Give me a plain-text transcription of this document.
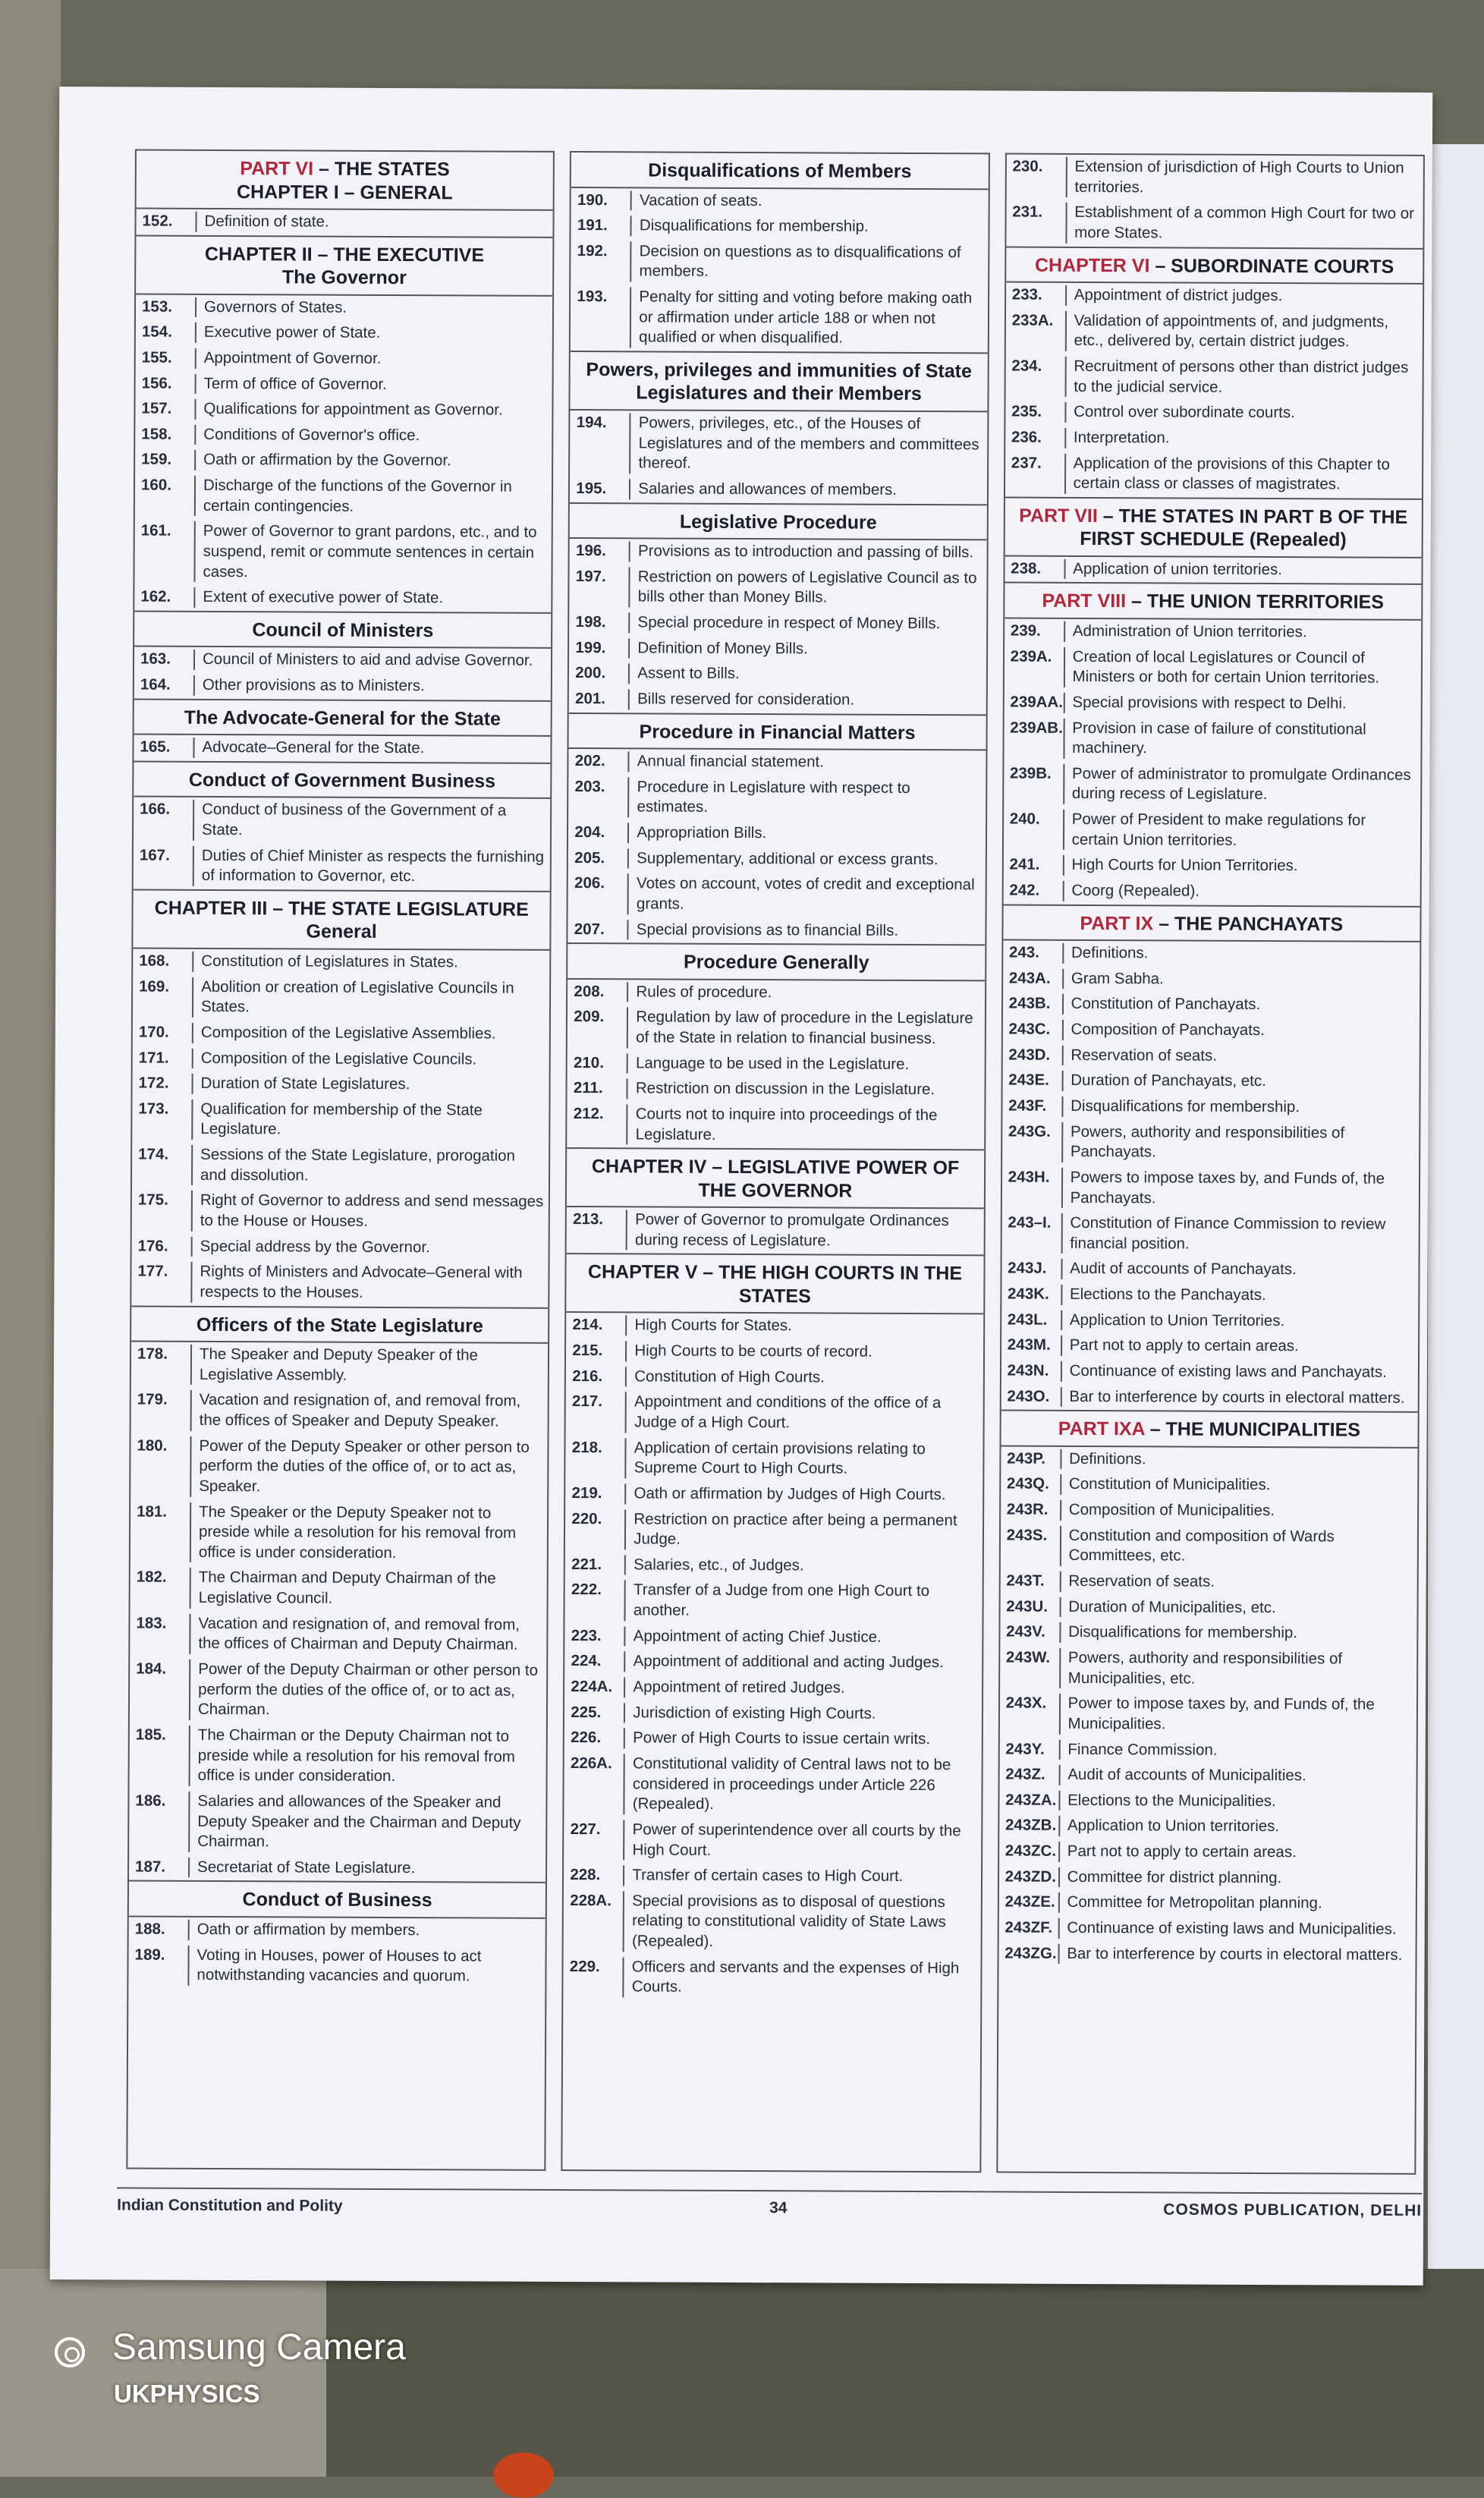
PART VI – THE STATES
CHAPTER I – GENERAL
152.	Definition of state.
CHAPTER II – THE EXECUTIVE
The Governor
153.	Governors of States.
154.	Executive power of State.
155.	Appointment of Governor.
156.	Term of office of Governor.
157.	Qualifications for appointment as Governor.
158.	Conditions of Governor's office.
159.	Oath or affirmation by the Governor.
160.	Discharge of the functions of the Governor in certain contingencies.
161.	Power of Governor to grant pardons, etc., and to suspend, remit or commute sentences in certain cases.
162.	Extent of executive power of State.
Council of Ministers
163.	Council of Ministers to aid and advise Governor.
164.	Other provisions as to Ministers.
The Advocate-General for the State
165.	Advocate–General for the State.
Conduct of Government Business
166.	Conduct of business of the Government of a State.
167.	Duties of Chief Minister as respects the furnishing of information to Governor, etc.
CHAPTER III – THE STATE LEGISLATURE
General
168.	Constitution of Legislatures in States.
169.	Abolition or creation of Legislative Councils in States.
170.	Composition of the Legislative Assemblies.
171.	Composition of the Legislative Councils.
172.	Duration of State Legislatures.
173.	Qualification for membership of the State Legislature.
174.	Sessions of the State Legislature, prorogation and dissolution.
175.	Right of Governor to address and send messages to the House or Houses.
176.	Special address by the Governor.
177.	Rights of Ministers and Advocate–General with respects to the Houses.
Officers of the State Legislature
178.	The Speaker and Deputy Speaker of the Legislative Assembly.
179.	Vacation and resignation of, and removal from, the offices of Speaker and Deputy Speaker.
180.	Power of the Deputy Speaker or other person to perform the duties of the office of, or to act as, Speaker.
181.	The Speaker or the Deputy Speaker not to preside while a resolution for his removal from office is under consideration.
182.	The Chairman and Deputy Chairman of the Legislative Council.
183.	Vacation and resignation of, and removal from, the offices of Chairman and Deputy Chairman.
184.	Power of the Deputy Chairman or other person to perform the duties of the office of, or to act as, Chairman.
185.	The Chairman or the Deputy Chairman not to preside while a resolution for his removal from office is under consideration.
186.	Salaries and allowances of the Speaker and Deputy Speaker and the Chairman and Deputy Chairman.
187.	Secretariat of State Legislature.
Conduct of Business
188.	Oath or affirmation by members.
189.	Voting in Houses, power of Houses to act notwithstanding vacancies and quorum.
Disqualifications of Members
190.	Vacation of seats.
191.	Disqualifications for membership.
192.	Decision on questions as to disqualifications of members.
193.	Penalty for sitting and voting before making oath or affirmation under article 188 or when not qualified or when disqualified.
Powers, privileges and immunities of State Legislatures and their Members
194.	Powers, privileges, etc., of the Houses of Legislatures and of the members and committees thereof.
195.	Salaries and allowances of members.
Legislative Procedure
196.	Provisions as to introduction and passing of bills.
197.	Restriction on powers of Legislative Council as to bills other than Money Bills.
198.	Special procedure in respect of Money Bills.
199.	Definition of Money Bills.
200.	Assent to Bills.
201.	Bills reserved for consideration.
Procedure in Financial Matters
202.	Annual financial statement.
203.	Procedure in Legislature with respect to estimates.
204.	Appropriation Bills.
205.	Supplementary, additional or excess grants.
206.	Votes on account, votes of credit and exceptional grants.
207.	Special provisions as to financial Bills.
Procedure Generally
208.	Rules of procedure.
209.	Regulation by law of procedure in the Legislature of the State in relation to financial business.
210.	Language to be used in the Legislature.
211.	Restriction on discussion in the Legislature.
212.	Courts not to inquire into proceedings of the Legislature.
CHAPTER IV – LEGISLATIVE POWER OF THE GOVERNOR
213.	Power of Governor to promulgate Ordinances during recess of Legislature.
CHAPTER V – THE HIGH COURTS IN THE STATES
214.	High Courts for States.
215.	High Courts to be courts of record.
216.	Constitution of High Courts.
217.	Appointment and conditions of the office of a Judge of a High Court.
218.	Application of certain provisions relating to Supreme Court to High Courts.
219.	Oath or affirmation by Judges of High Courts.
220.	Restriction on practice after being a permanent Judge.
221.	Salaries, etc., of Judges.
222.	Transfer of a Judge from one High Court to another.
223.	Appointment of acting Chief Justice.
224.	Appointment of additional and acting Judges.
224A.	Appointment of retired Judges.
225.	Jurisdiction of existing High Courts.
226.	Power of High Courts to issue certain writs.
226A.	Constitutional validity of Central laws not to be considered in proceedings under Article 226 (Repealed).
227.	Power of superintendence over all courts by the High Court.
228.	Transfer of certain cases to High Court.
228A.	Special provisions as to disposal of questions relating to constitutional validity of State Laws (Repealed).
229.	Officers and servants and the expenses of High Courts.
230.	Extension of jurisdiction of High Courts to Union territories.
231.	Establishment of a common High Court for two or more States.
CHAPTER VI – SUBORDINATE COURTS
233.	Appointment of district judges.
233A.	Validation of appointments of, and judgments, etc., delivered by, certain district judges.
234.	Recruitment of persons other than district judges to the judicial service.
235.	Control over subordinate courts.
236.	Interpretation.
237.	Application of the provisions of this Chapter to certain class or classes of magistrates.
PART VII – THE STATES IN PART B OF THE FIRST SCHEDULE (Repealed)
238.	Application of union territories.
PART VIII – THE UNION TERRITORIES
239.	Administration of Union territories.
239A.	Creation of local Legislatures or Council of Ministers or both for certain Union territories.
239AA. Special provisions with respect to Delhi.
239AB. Provision in case of failure of constitutional machinery.
239B.	Power of administrator to promulgate Ordinances during recess of Legislature.
240.	Power of President to make regulations for certain Union territories.
241.	High Courts for Union Territories.
242.	Coorg (Repealed).
PART IX – THE PANCHAYATS
243.	Definitions.
243A.	Gram Sabha.
243B.	Constitution of Panchayats.
243C.	Composition of Panchayats.
243D.	Reservation of seats.
243E.	Duration of Panchayats, etc.
243F.	Disqualifications for membership.
243G.	Powers, authority and responsibilities of Panchayats.
243H.	Powers to impose taxes by, and Funds of, the Panchayats.
243–I.	Constitution of Finance Commission to review financial position.
243J.	Audit of accounts of Panchayats.
243K.	Elections to the Panchayats.
243L.	Application to Union Territories.
243M.	Part not to apply to certain areas.
243N.	Continuance of existing laws and Panchayats.
243O.	Bar to interference by courts in electoral matters.
PART IXA – THE MUNICIPALITIES
243P.	Definitions.
243Q.	Constitution of Municipalities.
243R.	Composition of Municipalities.
243S.	Constitution and composition of Wards Committees, etc.
243T.	Reservation of seats.
243U.	Duration of Municipalities, etc.
243V.	Disqualifications for membership.
243W.	Powers, authority and responsibilities of Municipalities, etc.
243X.	Power to impose taxes by, and Funds of, the Municipalities.
243Y.	Finance Commission.
243Z.	Audit of accounts of Municipalities.
243ZA. Elections to the Municipalities.
243ZB. Application to Union territories.
243ZC. Part not to apply to certain areas.
243ZD. Committee for district planning.
243ZE. Committee for Metropolitan planning.
243ZF. Continuance of existing laws and Municipalities.
243ZG. Bar to interference by courts in electoral matters.
Indian Constitution and Polity	34	COSMOS PUBLICATION, DELHI
Samsung Camera
UKPHYSICS
